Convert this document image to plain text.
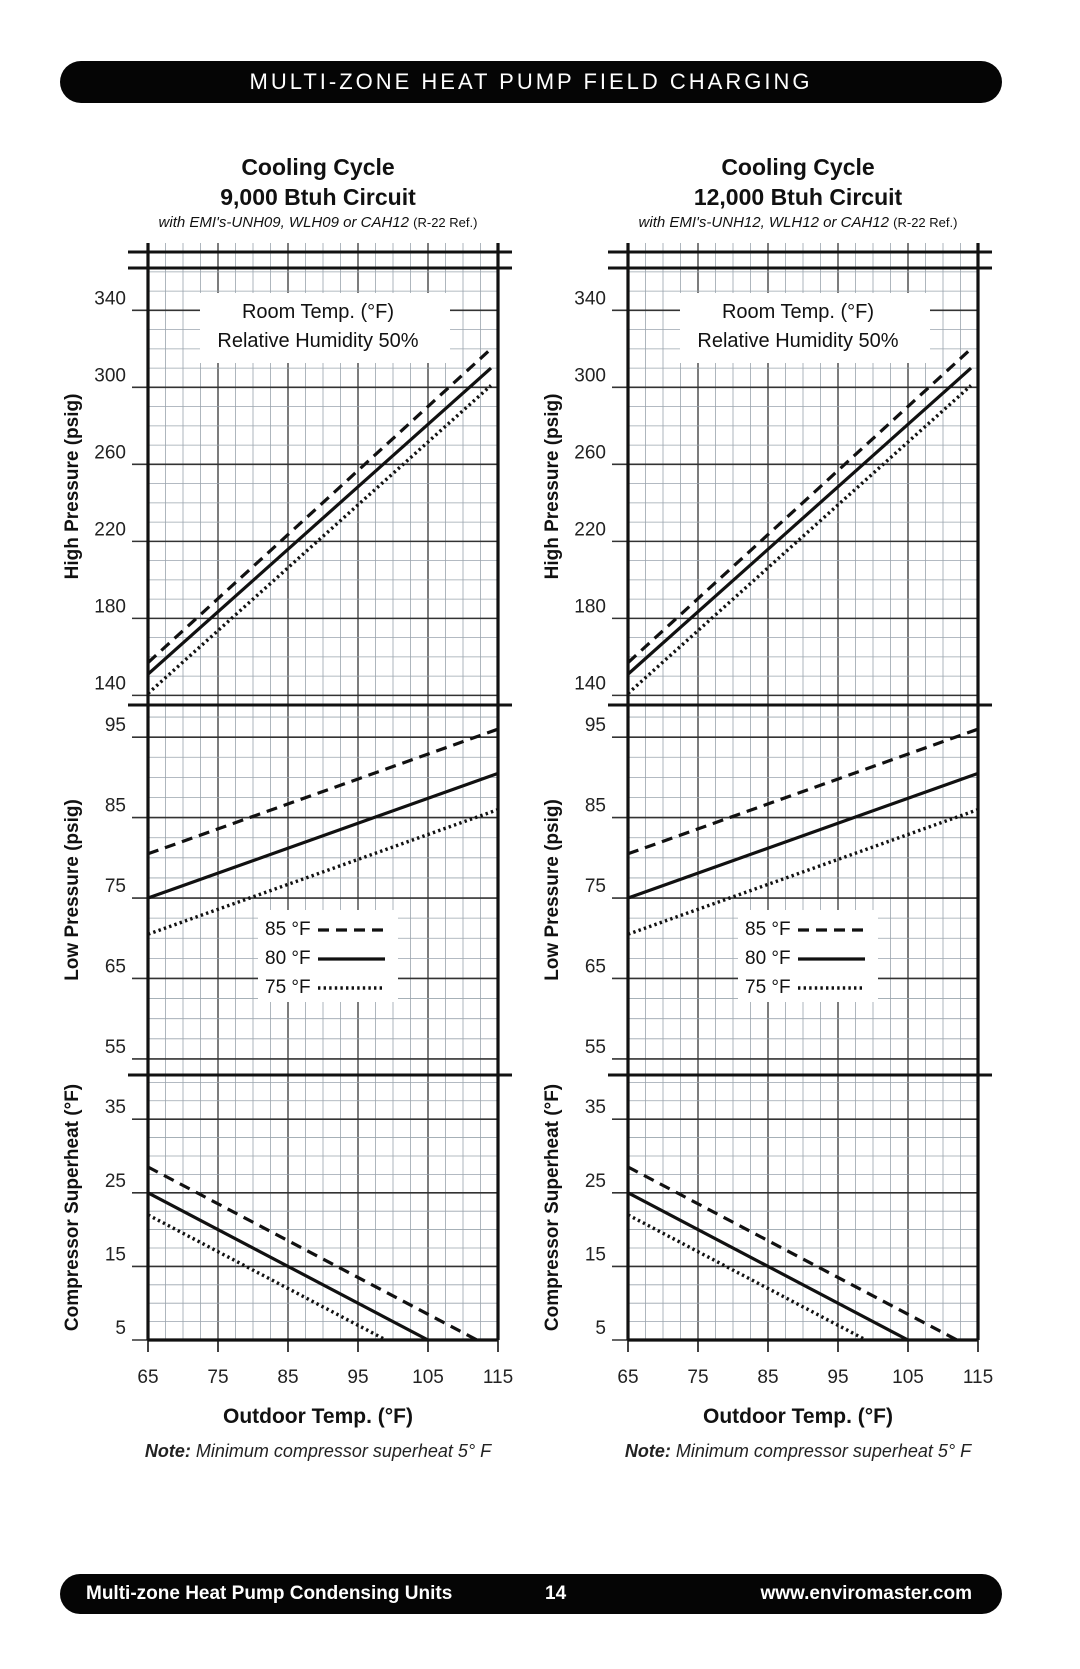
MULTI-ZONE HEAT PUMP FIELD CHARGING
Cooling Cycle
9,000 Btuh Circuit
with EMI's-UNH09, WLH09 or CAH12 (R-22 Ref.)
340
300
260
220
180
140
High Pressure (psig)
Room Temp. (°F)
Relative Humidity 50%
95
85
75
65
55
Low Pressure (psig)
35
25
15
5
Compressor Superheat (°F)
85 °F
80 °F
75 °F
65	75	85	95 105 115
Outdoor Temp. (°F)
Note: Minimum compressor superheat 5° F
Cooling Cycle
12,000 Btuh Circuit
with EMI's-UNH12, WLH12 or CAH12 (R-22 Ref.)
340
300
260
220
180
140
High Pressure (psig)
Room Temp. (°F)
Relative Humidity 50%
95
85
75
65
55
Low Pressure (psig)
35
25
15
5
Compressor Superheat (°F)
85 °F
80 °F
75 °F
65	75	85	95 105 115
Outdoor Temp. (°F)
Note: Minimum compressor superheat 5° F
Multi-zone Heat Pump Condensing Units	14	www.enviromaster.com
